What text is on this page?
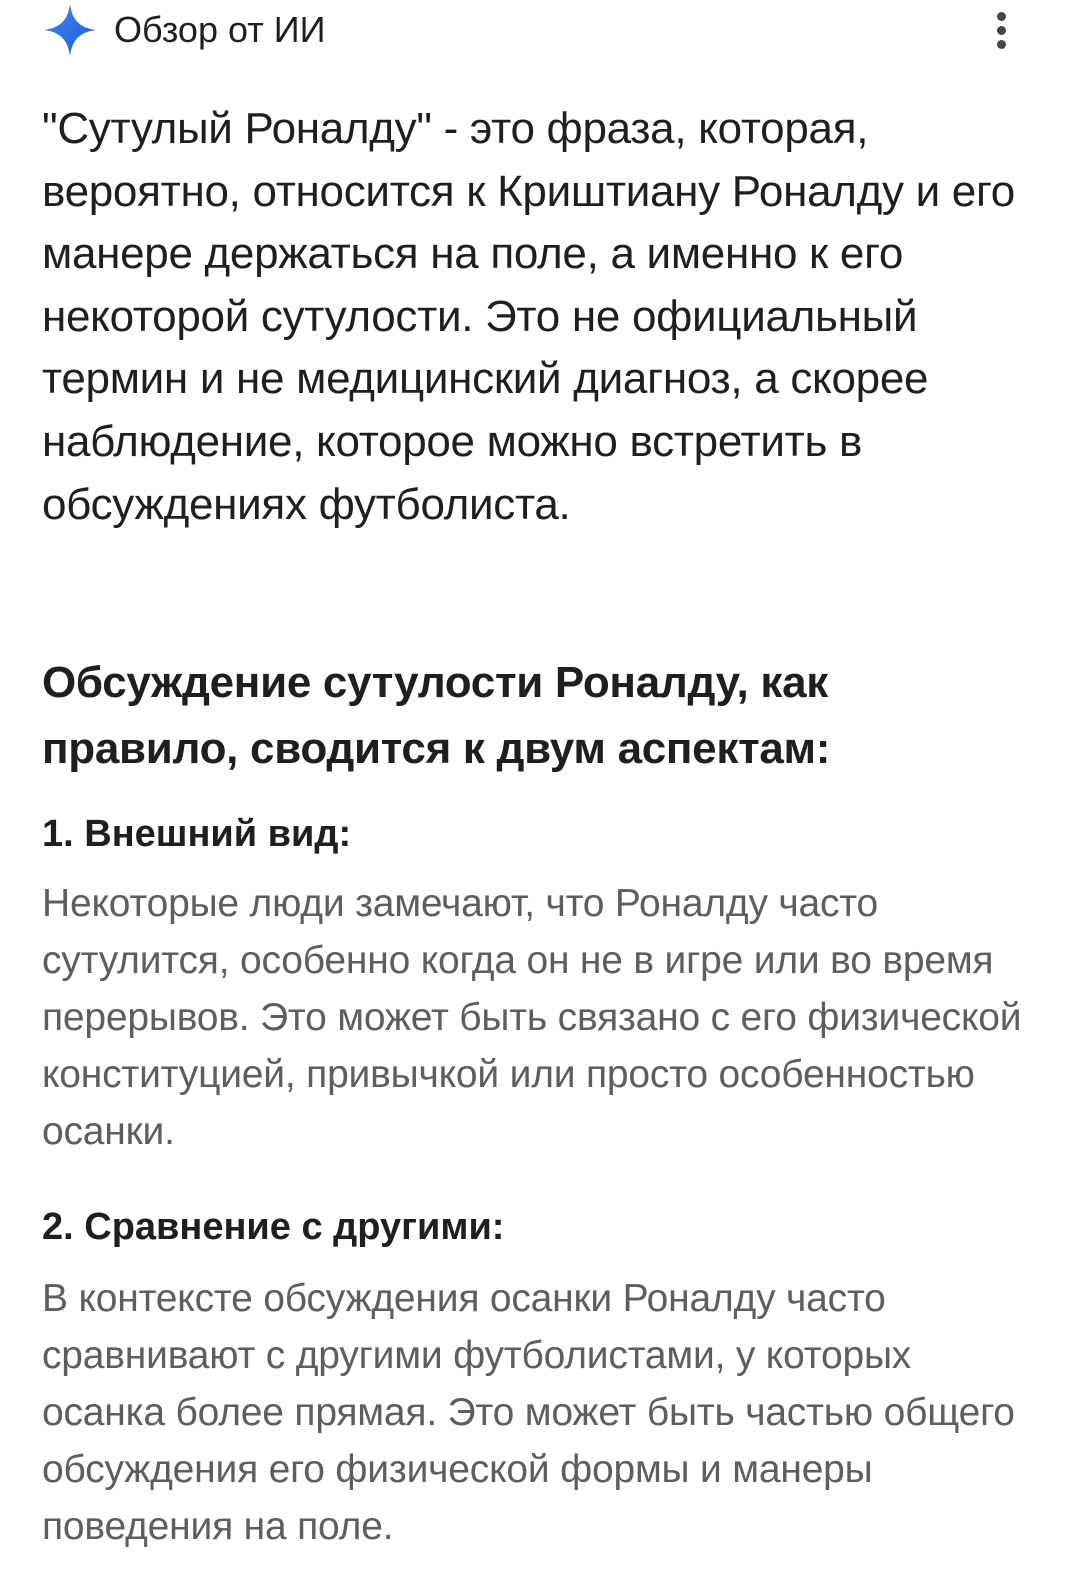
Обзор от ИИ

"Сутулый Роналду" - это фраза, которая, вероятно, относится к Криштиану Роналду и его манере держаться на поле, а именно к его некоторой сутулости. Это не официальный термин и не медицинский диагноз, а скорее наблюдение, которое можно встретить в обсуждениях футболиста.

Обсуждение сутулости Роналду, как правило, сводится к двум аспектам:
1. Внешний вид:

Некоторые люди замечают, что Роналду часто сутулится, особенно когда он не в игре или во время перерывов. Это может быть связано с его физической конституцией, привычкой или просто особенностью осанки.

2. Сравнение с другими:

В контексте обсуждения осанки Роналду часто сравнивают с другими футболистами, у которых осанка более прямая. Это может быть частью общего обсуждения его физической формы и манеры поведения на поле.
